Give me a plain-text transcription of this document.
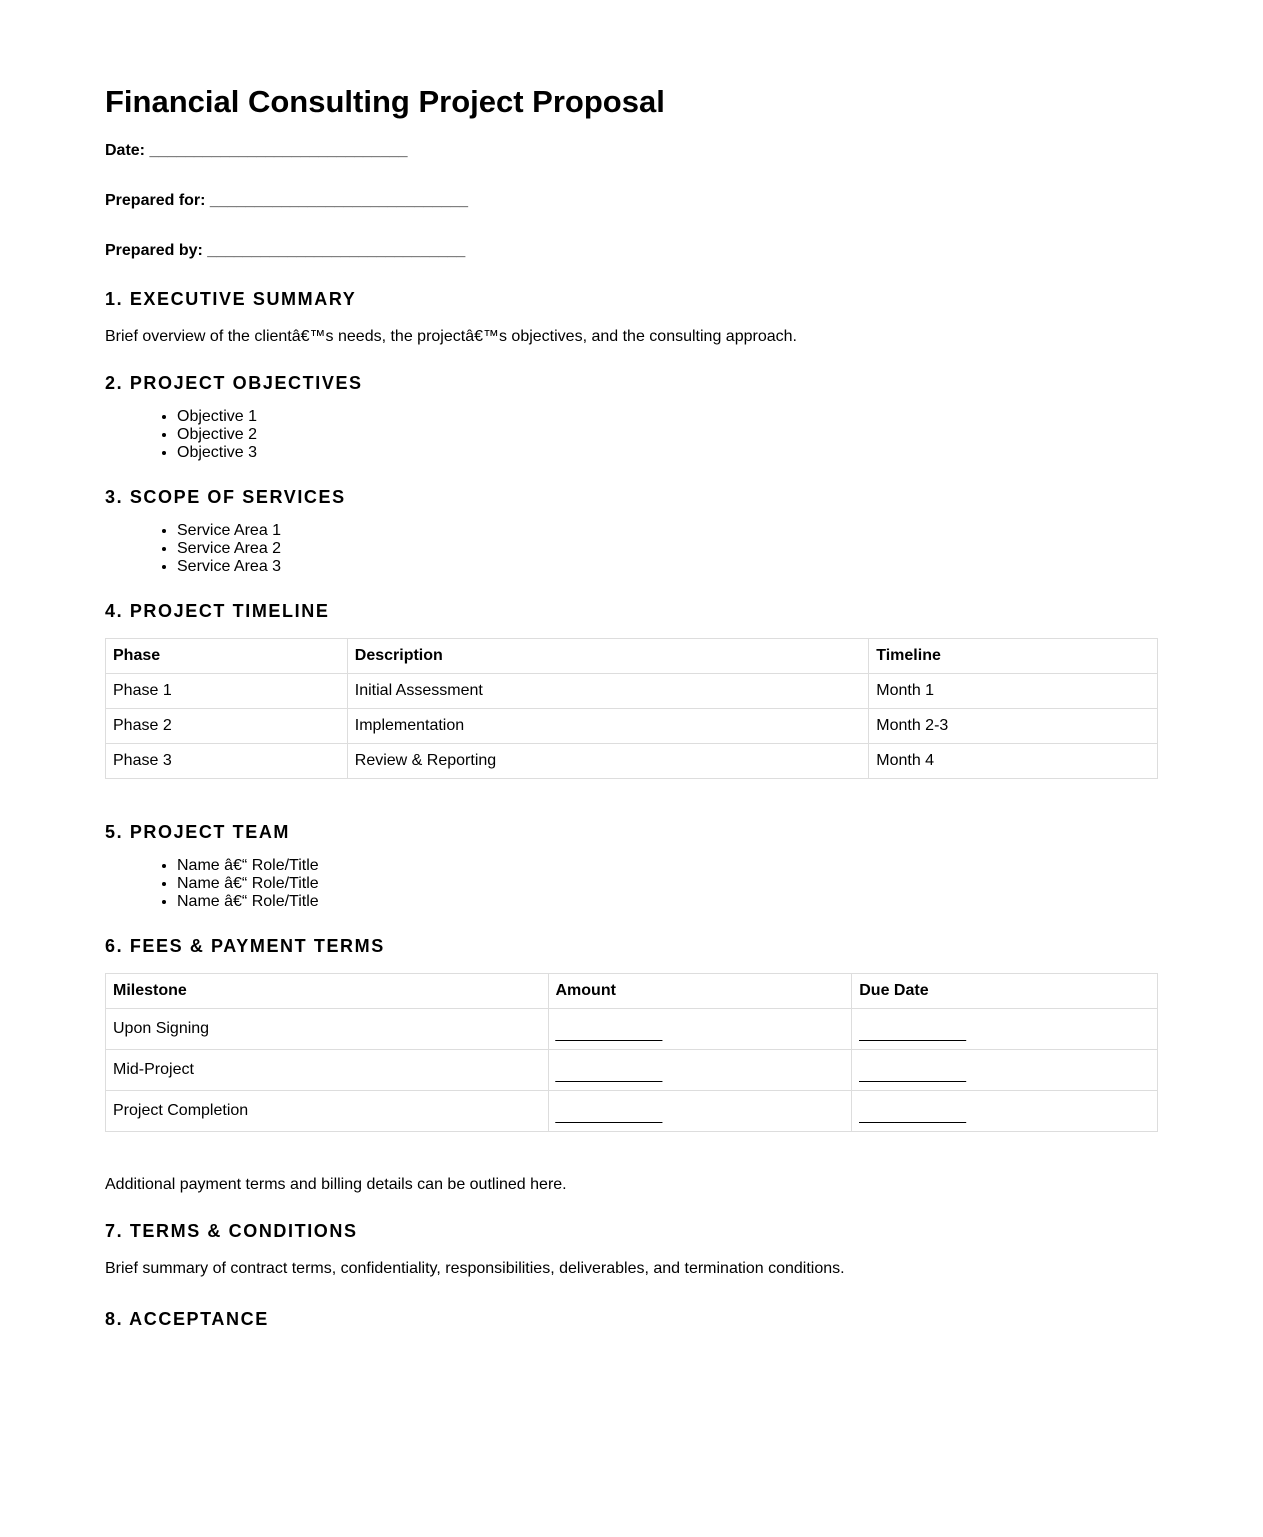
Financial Consulting Project Proposal
Date: _____________________________
Prepared for: _____________________________
Prepared by: _____________________________
1. EXECUTIVE SUMMARY

Brief overview of the clientâ€™s needs, the projectâ€™s objectives, and the consulting approach.

2. PROJECT OBJECTIVES
• Objective 1
• Objective 2
• Objective 3
3. SCOPE OF SERVICES
• Service Area 1
• Service Area 2
• Service Area 3
4. PROJECT TIMELINE
Phase	Description	Timeline
Phase 1	Initial Assessment	Month 1
Phase 2	Implementation	Month 2-3
Phase 3	Review & Reporting	Month 4
5. PROJECT TEAM
• Name â€“ Role/Title
• Name â€“ Role/Title
• Name â€“ Role/Title
6. FEES & PAYMENT TERMS
Milestone	Amount	Due Date
Upon Signing	____________	____________
Mid-Project	____________	____________
Project Completion	____________	____________

Additional payment terms and billing details can be outlined here.

7. TERMS & CONDITIONS

Brief summary of contract terms, confidentiality, responsibilities, deliverables, and termination conditions.

8. ACCEPTANCE
